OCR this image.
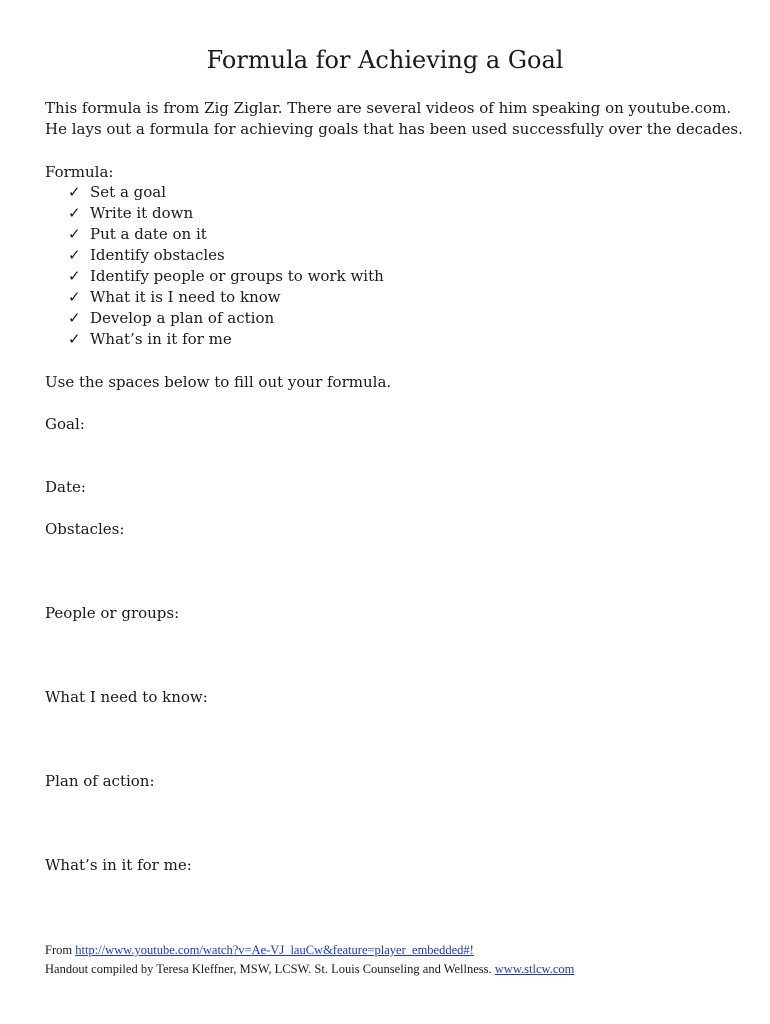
Formula for Achieving a Goal
This formula is from Zig Ziglar. There are several videos of him speaking on youtube.com.
He lays out a formula for achieving goals that has been used successfully over the decades.
Formula:
✓ Set a goal
✓ Write it down
✓ Put a date on it
✓ Identify obstacles
✓ Identify people or groups to work with
✓ What it is I need to know
✓ Develop a plan of action
✓ What’s in it for me
Use the spaces below to fill out your formula.
Goal:
Date:
Obstacles:
People or groups:
What I need to know:
Plan of action:
What’s in it for me:
From http://www.youtube.com/watch?v=Ae-VJ_lauCw&feature=player_embedded#!
Handout compiled by Teresa Kleffner, MSW, LCSW. St. Louis Counseling and Wellness. www.stlcw.com
